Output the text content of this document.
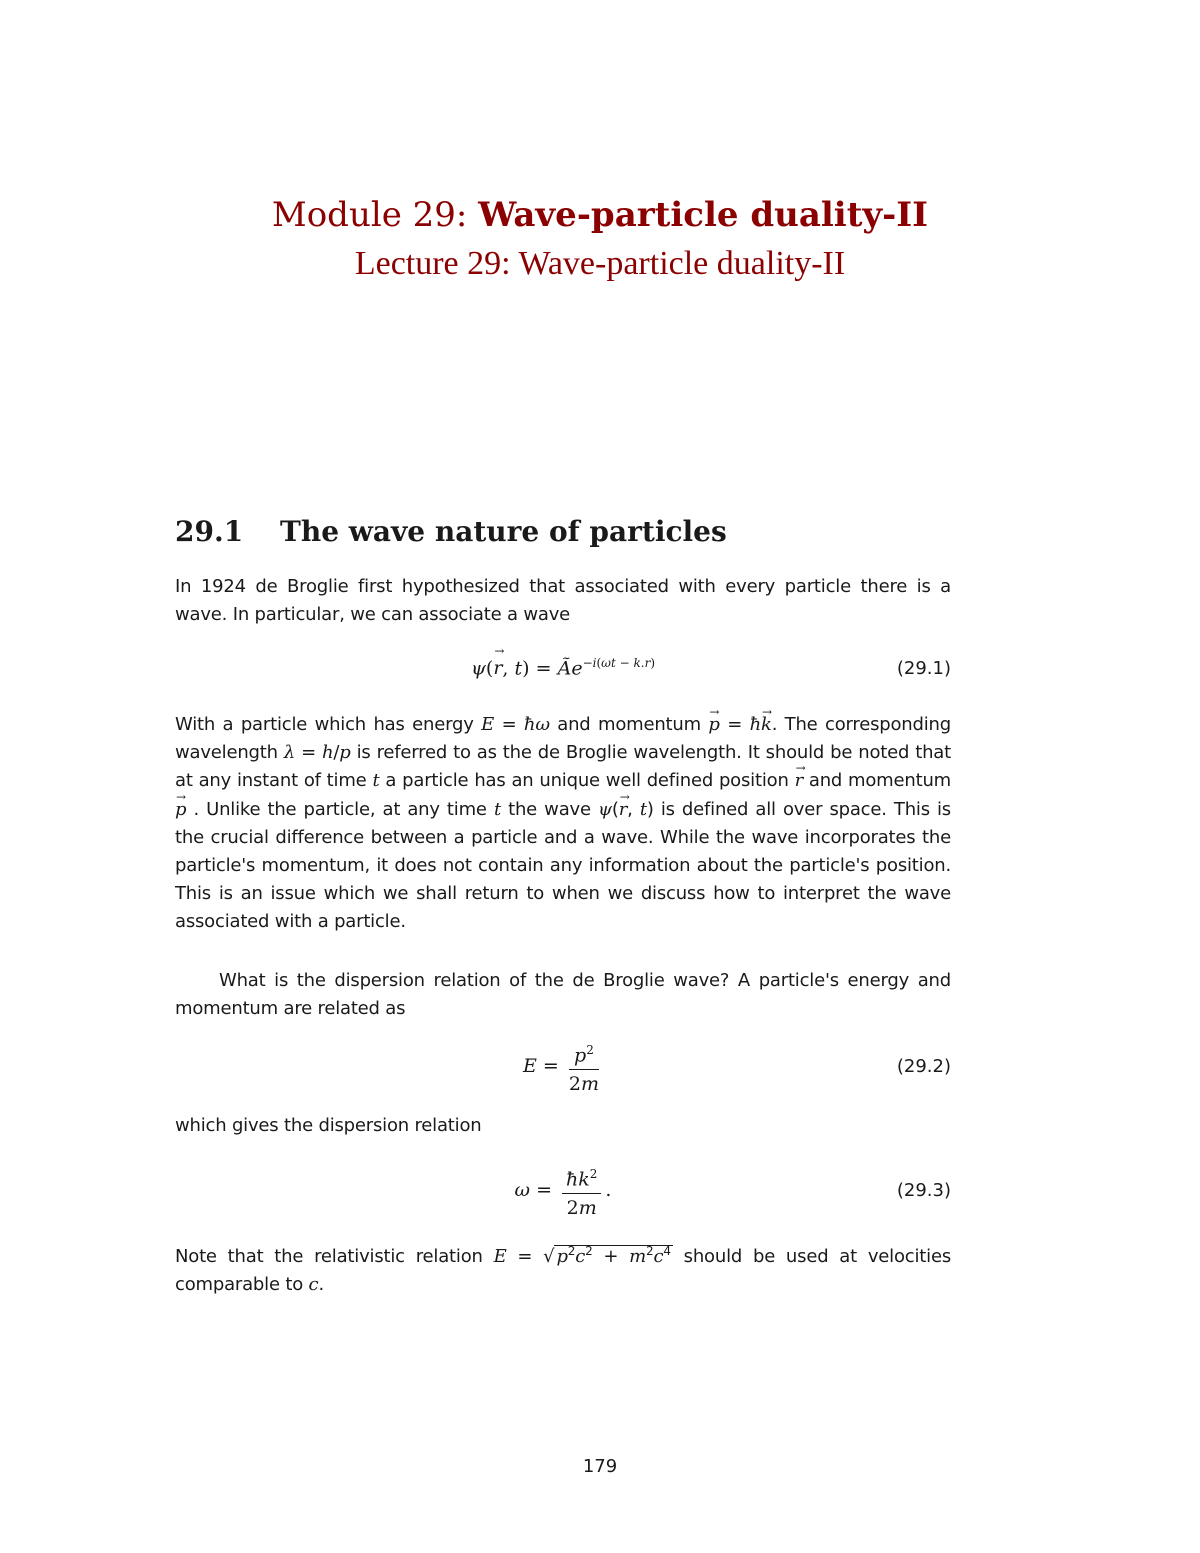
Module 29: Wave-particle duality-II

Lecture 29: Wave-particle duality-II

29.1 The wave nature of particles

In 1924 de Broglie first hypothesized that associated with every particle there is a wave. In particular, we can associate a wave

ψ(→ r, $t) = Ãe^{-i(\omega t - k.r)}$	(29.1)

With a particle which has energy E = ħω and momentum → p = ħ→ k. The corresponding wavelength λ = h/p is referred to as the de Broglie wavelength. It should be noted that at any instant of time t a particle has an unique well defined position → r and momentum → p . Unlike the particle, at any time t the wave ψ(→ r, t) is defined all over space. This is the crucial difference between a particle and a wave. While the wave incorporates the particle's momentum, it does not contain any information about the particle's position. This is an issue which we shall return to when we discuss how to interpret the wave associated with a particle.

What is the dispersion relation of the de Broglie wave? A particle's energy and momentum are related as

$E = \frac{p^2}{2m}$	(29.2)

which gives the dispersion relation

$\omega = \frac{ħk^2}{2m}$ .	(29.3)

Note that the relativistic relation E = √ $p^2c^2 + m^2c^4$ should be used at velocities comparable to c.

179
